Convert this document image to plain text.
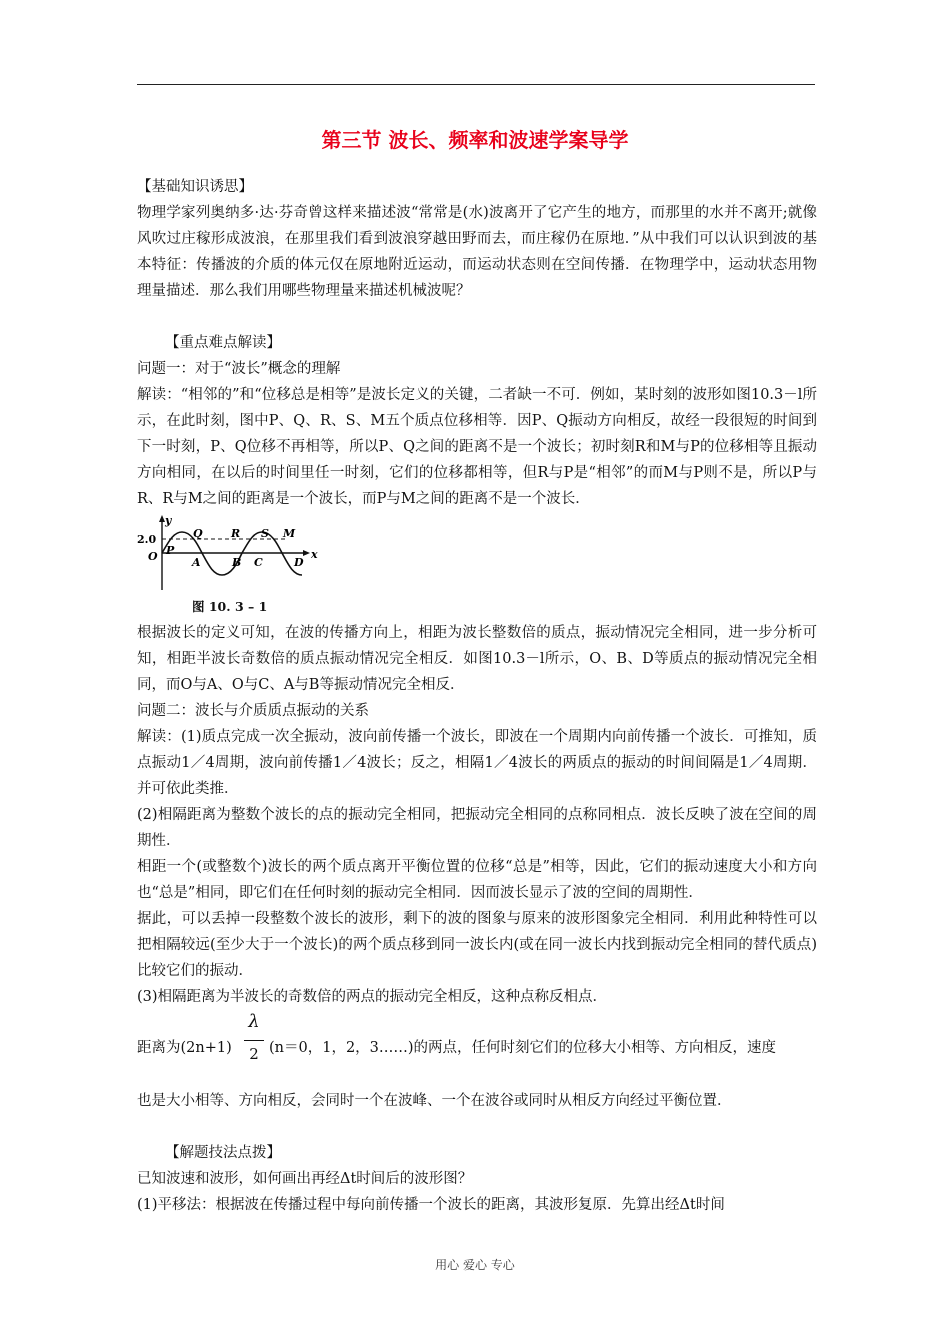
第三节 波长、频率和波速学案导学

【基础知识诱思】

物理学家列奥纳多·达·芬奇曾这样来描述波“常常是(水)波离开了它产生的地方，而那里的水并不离开;就像风吹过庄稼形成波浪，在那里我们看到波浪穿越田野而去，而庄稼仍在原地．”从中我们可以认识到波的基本特征：传播波的介质的体元仅在原地附近运动，而运动状态则在空间传播．在物理学中，运动状态用物理量描述．那么我们用哪些物理量来描述机械波呢？

【重点难点解读】

问题一：对于“波长”概念的理解

解读：“相邻的”和“位移总是相等”是波长定义的关键，二者缺一不可．例如，某时刻的波形如图10.3－l所示，在此时刻，图中P、Q、R、S、M五个质点位移相等．因P、Q振动方向相反，故经一段很短的时间到下一时刻，P、Q位移不再相等，所以P、Q之间的距离不是一个波长；初时刻R和M与P的位移相等且振动方向相同，在以后的时间里任一时刻，它们的位移都相等，但R与P是“相邻”的而M与P则不是，所以P与R、R与M之间的距离是一个波长，而P与M之间的距离不是一个波长．

y
x
2.0
O P
Q	R S M
A	B C	D

图 10. 3 – 1

根据波长的定义可知，在波的传播方向上，相距为波长整数倍的质点，振动情况完全相同，进一步分析可知，相距半波长奇数倍的质点振动情况完全相反．如图10.3－l所示，O、B、D等质点的振动情况完全相同，而O与A、O与C、A与B等振动情况完全相反．

问题二：波长与介质质点振动的关系

解读：(1)质点完成一次全振动，波向前传播一个波长，即波在一个周期内向前传播一个波长．可推知，质点振动1／4周期，波向前传播1／4波长；反之，相隔1／4波长的两质点的振动的时间间隔是1／4周期．并可依此类推．

(2)相隔距离为整数个波长的点的振动完全相同，把振动完全相同的点称同相点．波长反映了波在空间的周期性．

相距一个(或整数个)波长的两个质点离开平衡位置的位移“总是”相等，因此，它们的振动速度大小和方向也“总是”相同，即它们在任何时刻的振动完全相同．因而波长显示了波的空间的周期性．

据此，可以丢掉一段整数个波长的波形，剩下的波的图象与原来的波形图象完全相同．利用此种特性可以把相隔较远(至少大于一个波长)的两个质点移到同一波长内(或在同一波长内找到振动完全相同的替代质点)比较它们的振动．

(3)相隔距离为半波长的奇数倍的两点的振动完全相反，这种点称反相点．

距离为(2n+1)
λ
2 (n＝0，1，2，3……)的两点，任何时刻它们的位移大小相等、方向相反，速度

也是大小相等、方向相反，会同时一个在波峰、一个在波谷或同时从相反方向经过平衡位置．

【解题技法点拨】

已知波速和波形，如何画出再经Δt时间后的波形图？

(1)平移法：根据波在传播过程中每向前传播一个波长的距离，其波形复原．先算出经Δt时间

用心 爱心 专心
